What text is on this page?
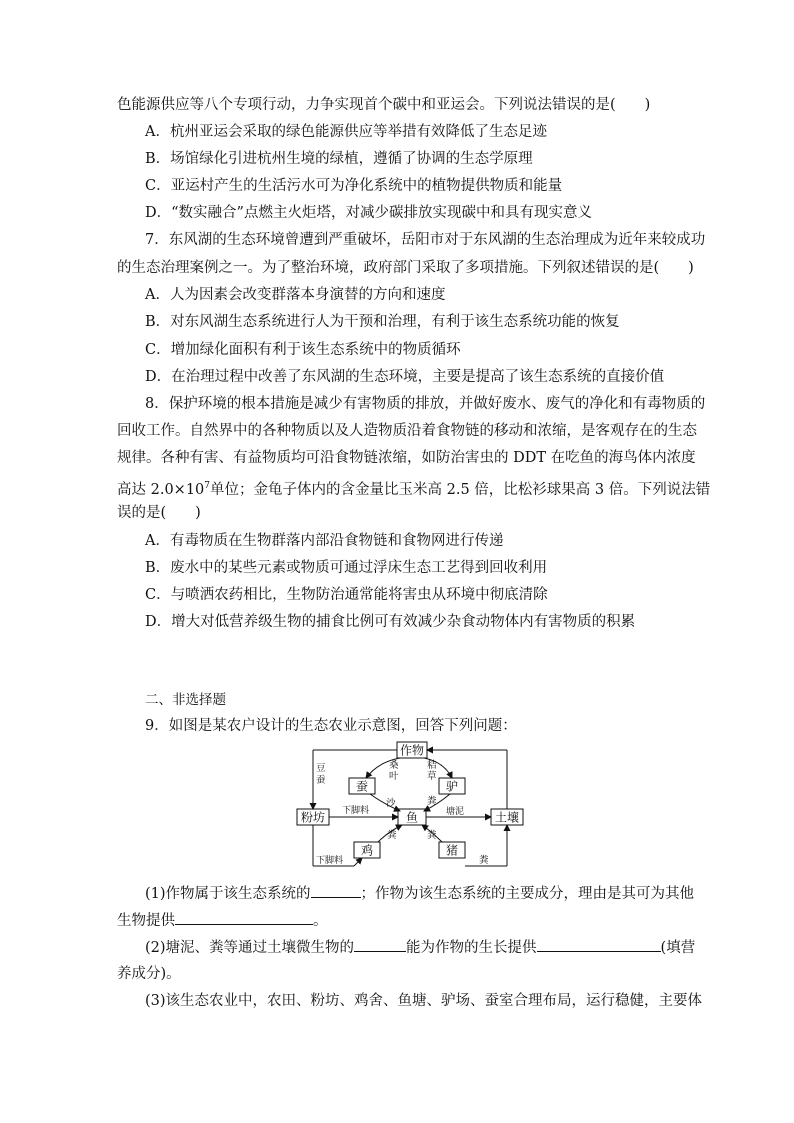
色能源供应等八个专项行动，力争实现首个碳中和亚运会。下列说法错误的是(　　)
A．杭州亚运会采取的绿色能源供应等举措有效降低了生态足迹
B．场馆绿化引进杭州生境的绿植，遵循了协调的生态学原理
C．亚运村产生的生活污水可为净化系统中的植物提供物质和能量
D．“数实融合”点燃主火炬塔，对减少碳排放实现碳中和具有现实意义
7．东风湖的生态环境曾遭到严重破坏，岳阳市对于东风湖的生态治理成为近年来较成功
的生态治理案例之一。为了整治环境，政府部门采取了多项措施。下列叙述错误的是(　　)
A．人为因素会改变群落本身演替的方向和速度
B．对东风湖生态系统进行人为干预和治理，有利于该生态系统功能的恢复
C．增加绿化面积有利于该生态系统中的物质循环
D．在治理过程中改善了东风湖的生态环境，主要是提高了该生态系统的直接价值
8．保护环境的根本措施是减少有害物质的排放，并做好废水、废气的净化和有毒物质的
回收工作。自然界中的各种物质以及人造物质沿着食物链的移动和浓缩，是客观存在的生态
规律。各种有害、有益物质均可沿食物链浓缩，如防治害虫的 DDT 在吃鱼的海鸟体内浓度
高达 $2.0\times 10^7$单位；金龟子体内的含金量比玉米高 2.5 倍，比松衫球果高 3 倍。下列说法错
误的是(　　)
A．有毒物质在生物群落内部沿食物链和食物网进行传递
B．废水中的某些元素或物质可通过浮床生态工艺得到回收利用
C．与喷洒农药相比，生物防治通常能将害虫从环境中彻底清除
D．增大对低营养级生物的捕食比例可有效减少杂食动物体内有害物质的积累
二、非选择题
9．如图是某农户设计的生态农业示意图，回答下列问题：
作物
蚕	驴
粉坊	鱼	土壤
鸡	猪
豆
蚕
桑
叶
秸
草
沙	粪
下脚料	塘泥
粪	粪
下脚料	粪
(1)作物属于该生态系统的	；作物为该生态系统的主要成分，理由是其可为其他
生物提供	。
(2)塘泥、粪等通过土壤微生物的	能为作物的生长提供	(填营
养成分)。
(3)该生态农业中，农田、粉坊、鸡舍、鱼塘、驴场、蚕室合理布局，运行稳健，主要体
